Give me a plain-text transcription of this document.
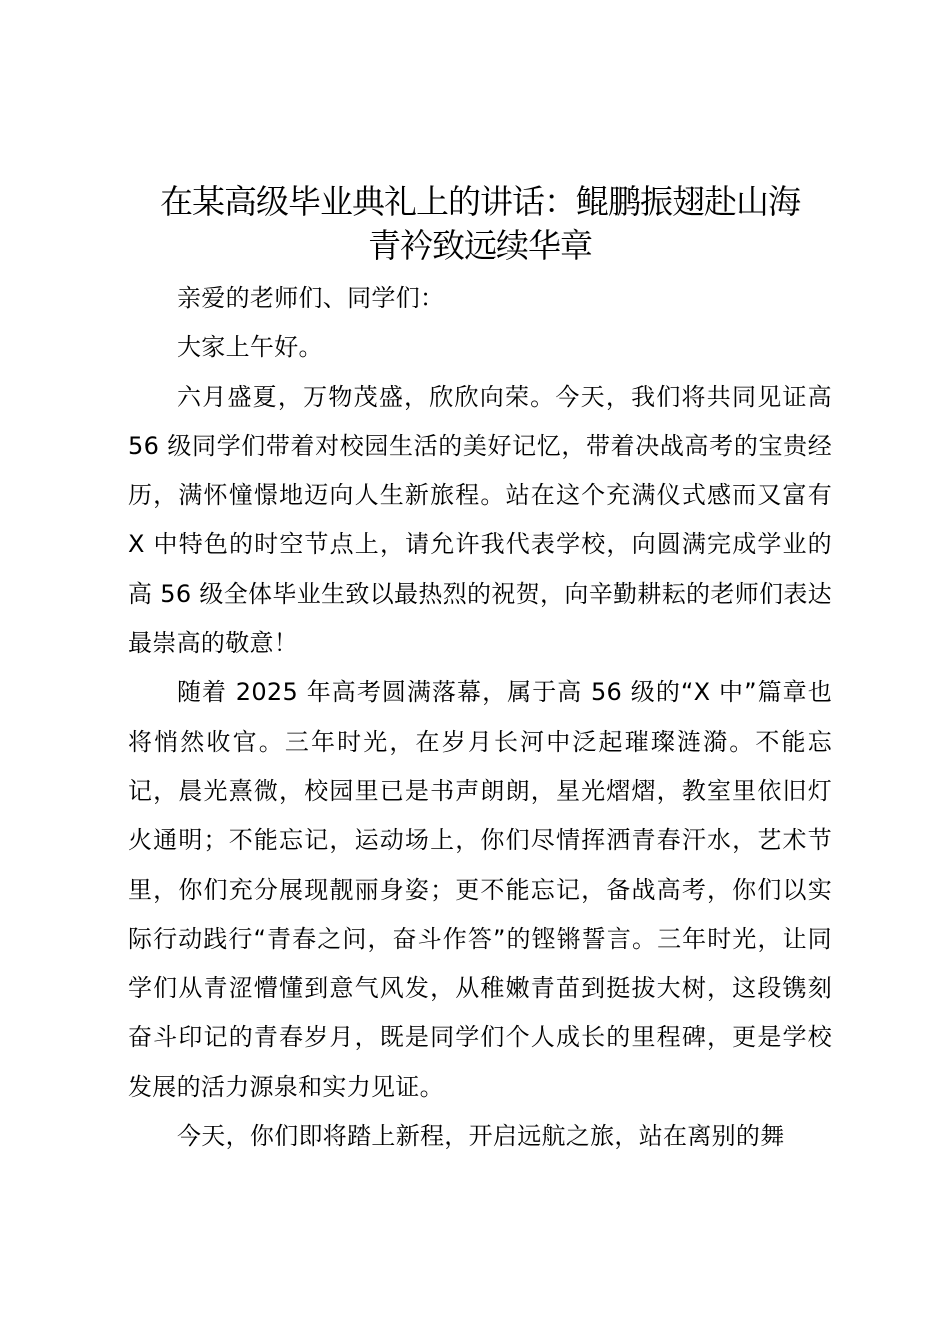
在某高级毕业典礼上的讲话：鲲鹏振翅赴山海
青衿致远续华章

亲爱的老师们、同学们：

大家上午好。

六月盛夏，万物茂盛，欣欣向荣。今天，我们将共同见证高 56 级同学们带着对校园生活的美好记忆，带着决战高考的宝贵经历，满怀憧憬地迈向人生新旅程。站在这个充满仪式感而又富有 X 中特色的时空节点上，请允许我代表学校，向圆满完成学业的高 56 级全体毕业生致以最热烈的祝贺，向辛勤耕耘的老师们表达最崇高的敬意！

随着 2025 年高考圆满落幕，属于高 56 级的“X 中”篇章也将悄然收官。三年时光，在岁月长河中泛起璀璨涟漪。不能忘记，晨光熹微，校园里已是书声朗朗，星光熠熠，教室里依旧灯火通明；不能忘记，运动场上，你们尽情挥洒青春汗水，艺术节里，你们充分展现靓丽身姿；更不能忘记，备战高考，你们以实际行动践行“青春之问，奋斗作答”的铿锵誓言。三年时光，让同学们从青涩懵懂到意气风发，从稚嫩青苗到挺拔大树，这段镌刻奋斗印记的青春岁月，既是同学们个人成长的里程碑，更是学校发展的活力源泉和实力见证。

今天，你们即将踏上新程，开启远航之旅，站在离别的舞
